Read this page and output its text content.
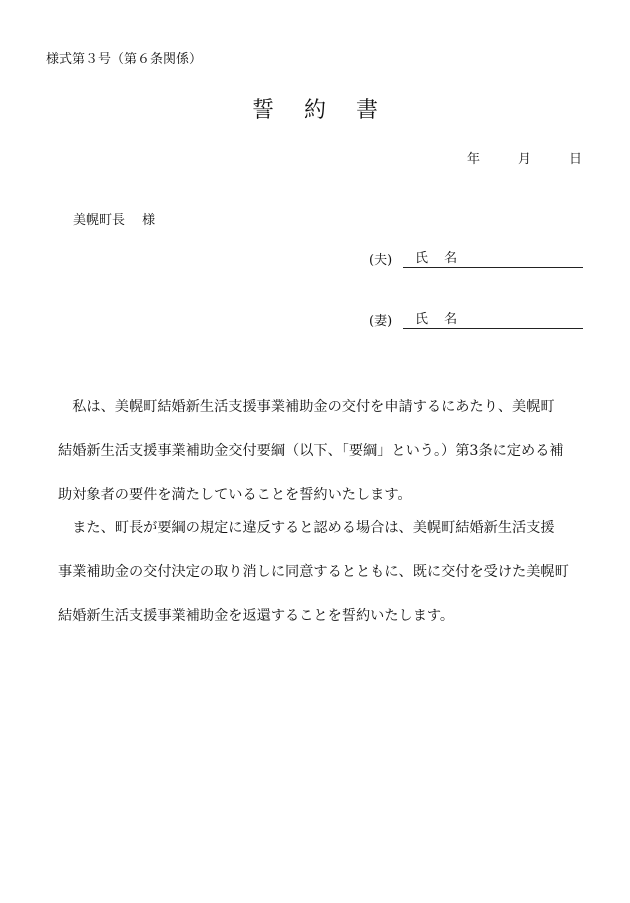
様式第３号（第６条関係）
誓約書
年	月	日
美幌町長　 様
(夫)	氏 名
(妻)	氏 名
　私は、美幌町結婚新生活支援事業補助金の交付を申請するにあたり、美幌町
結婚新生活支援事業補助金交付要綱（以下、「要綱」という。）第3条に定める補
助対象者の要件を満たしていることを誓約いたします。
　また、町長が要綱の規定に違反すると認める場合は、美幌町結婚新生活支援
事業補助金の交付決定の取り消しに同意するとともに、既に交付を受けた美幌町
結婚新生活支援事業補助金を返還することを誓約いたします。
